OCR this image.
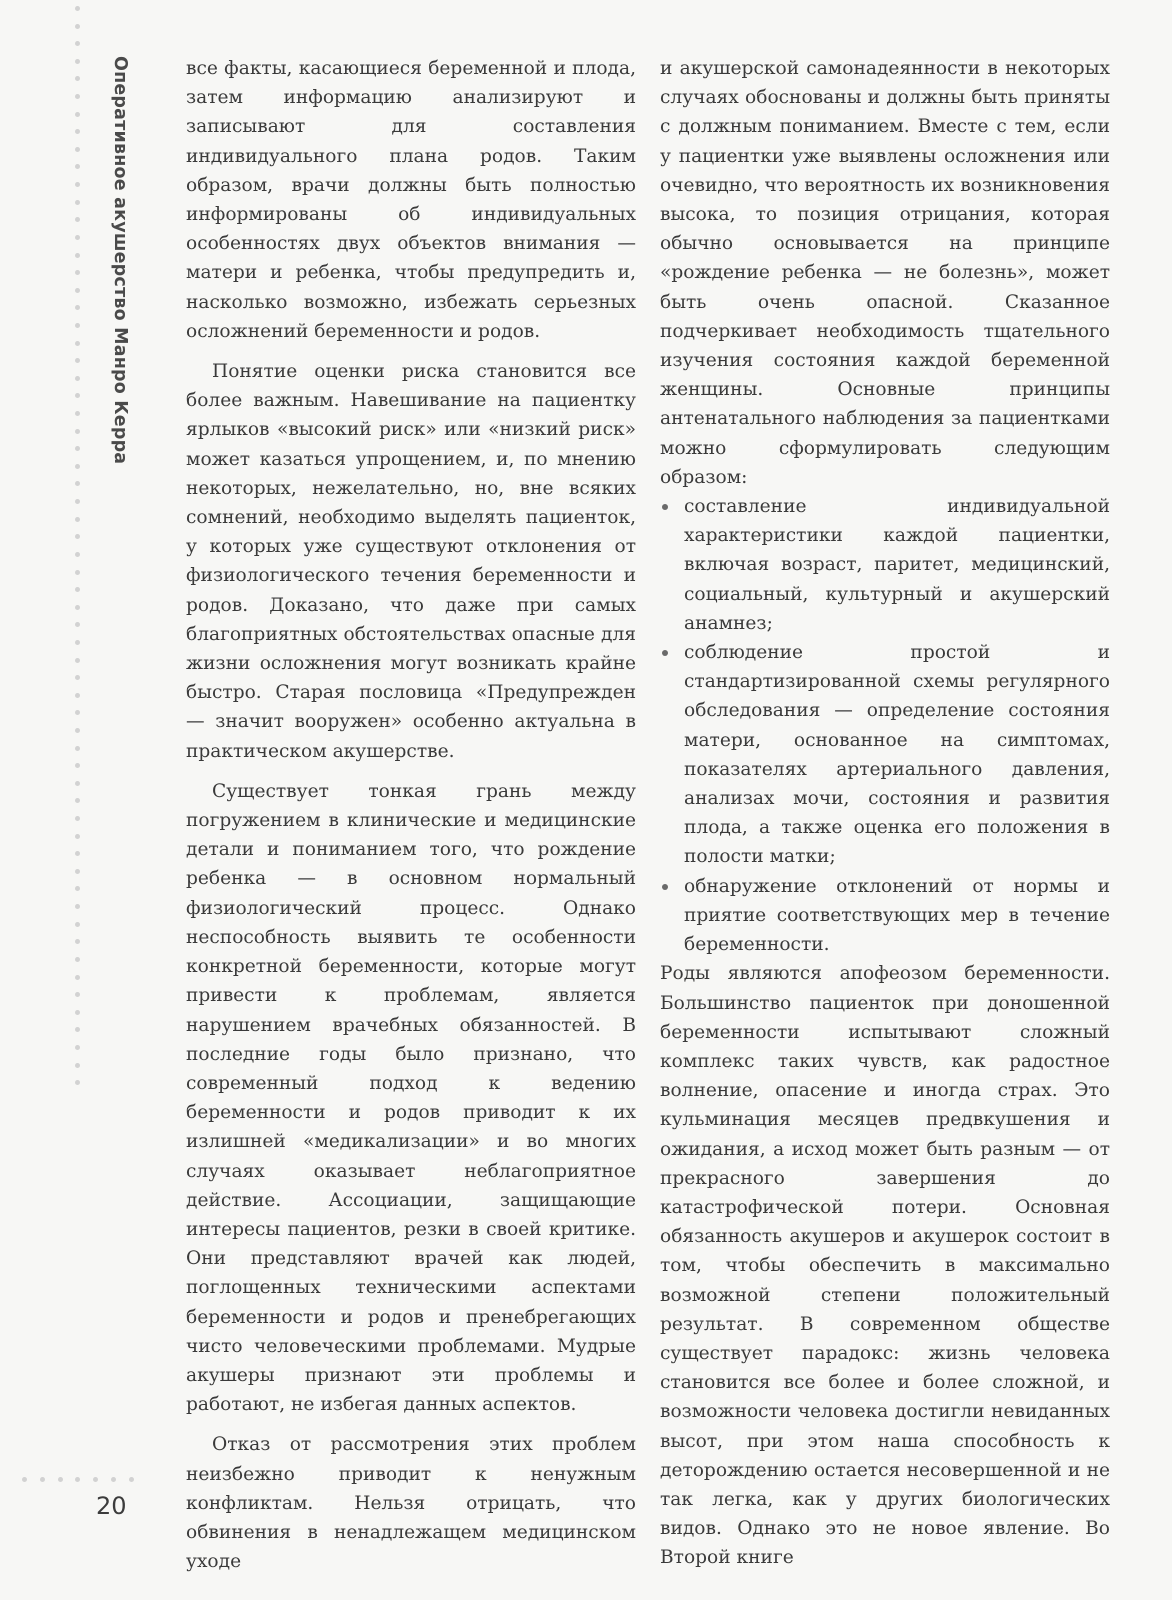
Оперативное акушерство Манро Керра
20

все факты, касающиеся беременной и плода, затем информацию анализируют и записывают для составления индивидуального плана родов. Таким образом, врачи должны быть полностью информированы об индивидуальных особенностях двух объектов внимания — матери и ребенка, чтобы предупредить и, насколько возможно, избежать серьезных осложнений беременности и родов.

Понятие оценки риска становится все более важным. Навешивание на пациентку ярлыков «высокий риск» или «низкий риск» может казаться упрощением, и, по мнению некоторых, нежелательно, но, вне всяких сомнений, необходимо выделять пациенток, у которых уже существуют отклонения от физиологического течения беременности и родов. Доказано, что даже при самых благоприятных обстоятельствах опасные для жизни осложнения могут возникать крайне быстро. Старая пословица «Предупрежден — значит вооружен» особенно актуальна в практическом акушерстве.

Существует тонкая грань между погружением в клинические и медицинские детали и пониманием того, что рождение ребенка — в основном нормальный физиологический процесс. Однако неспособность выявить те особенности конкретной беременности, которые могут привести к проблемам, является нарушением врачебных обязанностей. В последние годы было признано, что современный подход к ведению беременности и родов приводит к их излишней «медикализации» и во многих случаях оказывает неблагоприятное действие. Ассоциации, защищающие интересы пациентов, резки в своей критике. Они представляют врачей как людей, поглощенных техническими аспектами беременности и родов и пренебрегающих чисто человеческими проблемами. Мудрые акушеры признают эти проблемы и работают, не избегая данных аспектов.

Отказ от рассмотрения этих проблем неизбежно приводит к ненужным конфликтам. Нельзя отрицать, что обвинения в ненадлежащем медицинском уходе

и акушерской самонадеянности в некоторых случаях обоснованы и должны быть приняты с должным пониманием. Вместе с тем, если у пациентки уже выявлены осложнения или очевидно, что вероятность их возникновения высока, то позиция отрицания, которая обычно основывается на принципе «рождение ребенка — не болезнь», может быть очень опасной. Сказанное подчеркивает необходимость тщательного изучения состояния каждой беременной женщины. Основные принципы антенатального наблюдения за пациентками можно сформулировать следующим образом:

составление индивидуальной характеристики каждой пациентки, включая возраст, паритет, медицинский, социальный, культурный и акушерский анамнез;
соблюдение простой и стандартизированной схемы регулярного обследования — определение состояния матери, основанное на симптомах, показателях артериального давления, анализах мочи, состояния и развития плода, а также оценка его положения в полости матки;
обнаружение отклонений от нормы и приятие соответствующих мер в течение беременности.

Роды являются апофеозом беременности. Большинство пациенток при доношенной беременности испытывают сложный комплекс таких чувств, как радостное волнение, опасение и иногда страх. Это кульминация месяцев предвкушения и ожидания, а исход может быть разным — от прекрасного завершения до катастрофической потери. Основная обязанность акушеров и акушерок состоит в том, чтобы обеспечить в максимально возможной степени положительный результат. В современном обществе существует парадокс: жизнь человека становится все более и более сложной, и возможности человека достигли невиданных высот, при этом наша способность к деторождению остается несовершенной и не так легка, как у других биологических видов. Однако это не новое явление. Во Второй книге
